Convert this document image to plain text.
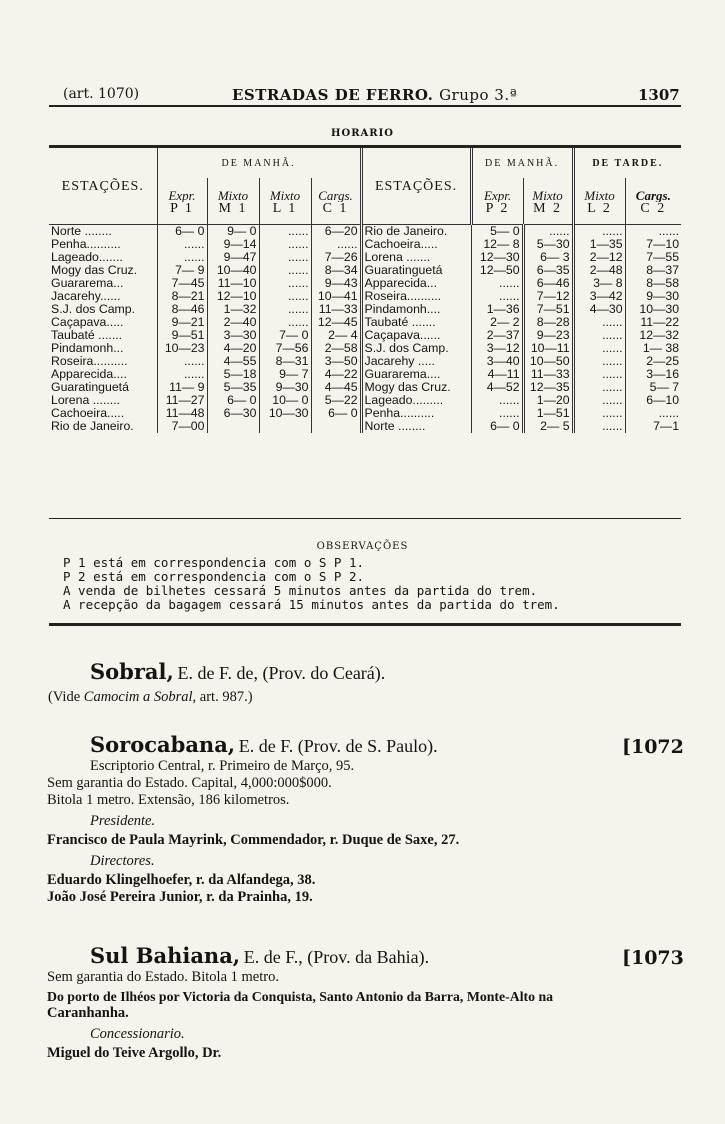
(art. 1070)	ESTRADAS DE FERRO. Grupo 3.ª	1307
HORARIO
ESTAÇÕES.	DE MANHÃ.				ESTAÇÕES.	DE MANHÃ.		DE TARDE.	
	Expr.	Mixto	Mixto	Cargs.		Expr.	Mixto	Mixto	Cargs.
	P 1	M 1	L 1	C 1		P 2	M 2	L 2	C 2
Norte ........	6— 0	9— 0	......	6—20	Rio de Janeiro.	5— 0	......	......	......
Penha..........	......	9—14	......	......	Cachoeira.....	12— 8	5—30	1—35	7—10
Lageado.......	......	9—47	......	7—26	Lorena .......	12—30	6— 3	2—12	7—55
Mogy das Cruz.	7— 9	10—40	......	8—34	Guaratinguetá	12—50	6—35	2—48	8—37
Guararema...	7—45	11—10	......	9—43	Apparecida...	......	6—46	3— 8	8—58
Jacarehy......	8—21	12—10	......	10—41	Roseira..........	......	7—12	3—42	9—30
S.J. dos Camp.	8—46	1—32	......	11—33	Pindamonh....	1—36	7—51	4—30	10—30
Caçapava.....	9—21	2—40	......	12—45	Taubaté .......	2— 2	8—28	......	11—22
Taubaté .......	9—51	3—30	7— 0	2— 4	Caçapava......	2—37	9—23	......	12—32
Pindamonh...	10—23	4—20	7—56	2—58	S.J. dos Camp.	3—12	10—11	......	1— 38
Roseira..........	......	4—55	8—31	3—50	Jacarehy .....	3—40	10—50	......	2—25
Apparecida....	......	5—18	9— 7	4—22	Guararema....	4—11	11—33	......	3—16
Guaratinguetá	11— 9	5—35	9—30	4—45	Mogy das Cruz.	4—52	12—35	......	5— 7
Lorena ........	11—27	6— 0	10— 0	5—22	Lageado.........	......	1—20	......	6—10
Cachoeira.....	11—48	6—30	10—30	6— 0	Penha..........	......	1—51	......	......
Rio de Janeiro.	7—00				Norte ........	6— 0	2— 5	......	7—1
OBSERVAÇÕES
P 1 está em correspondencia com o S P 1.
P 2 está em correspondencia com o S P 2.
A venda de bilhetes cessará 5 minutos antes da partida do trem.
A recepção da bagagem cessará 15 minutos antes da partida do trem.
Sobral, E. de F. de, (Prov. do Ceará).
(Vide Camocim a Sobral, art. 987.)
Sorocabana, E. de F. (Prov. de S. Paulo).	[1072
Escriptorio Central, r. Primeiro de Março, 95.
Sem garantia do Estado. Capital, 4,000:000$000.
Bitola 1 metro. Extensão, 186 kilometros.
Presidente.
Francisco de Paula Mayrink, Commendador, r. Duque de Saxe, 27.
Directores.
Eduardo Klingelhoefer, r. da Alfandega, 38.
João José Pereira Junior, r. da Prainha, 19.
Sul Bahiana, E. de F., (Prov. da Bahia).	[1073
Sem garantia do Estado. Bitola 1 metro.
Do porto de Ilhéos por Victoria da Conquista, Santo Antonio da Barra, Monte-Alto na
Caranhanha.
Concessionario.
Miguel do Teive Argollo, Dr.
